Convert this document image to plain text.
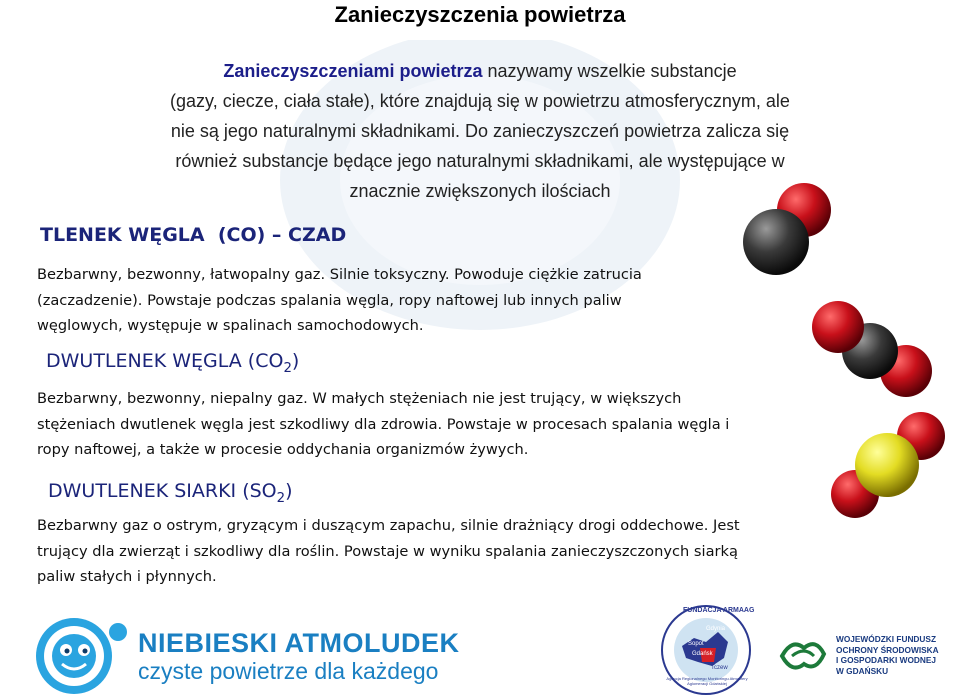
Zanieczyszczenia powietrza
Zanieczyszczeniami powietrza nazywamy wszelkie substancje
(gazy, ciecze, ciała stałe), które znajdują się w powietrzu atmosferycznym, ale
nie są jego naturalnymi składnikami. Do zanieczyszczeń powietrza zalicza się
również substancje będące jego naturalnymi składnikami, ale występujące w
znacznie zwiększonych ilościach
TLENEK WĘGLA  (CO) – CZAD
Bezbarwny, bezwonny, łatwopalny gaz. Silnie toksyczny. Powoduje ciężkie zatrucia
(zaczadzenie). Powstaje podczas spalania węgla, ropy naftowej lub innych paliw
węglowych, występuje w spalinach samochodowych.
DWUTLENEK WĘGLA $(CO_2)$
Bezbarwny, bezwonny, niepalny gaz. W małych stężeniach nie jest trujący, w większych
stężeniach dwutlenek węgla jest szkodliwy dla zdrowia. Powstaje w procesach spalania węgla i
ropy naftowej, a także w procesie oddychania organizmów żywych.
DWUTLENEK SIARKI $(SO_2)$
Bezbarwny gaz o ostrym, gryzącym i duszącym zapachu, silnie drażniący drogi oddechowe. Jest
trujący dla zwierząt i szkodliwy dla roślin. Powstaje w wyniku spalania zanieczyszczonych siarką
paliw stałych i płynnych.
NIEBIESKI ATMOLUDEK
czyste powietrze dla każdego
FUNDACJA ARMAAG
Agencja Regionalnego Monitoringu Atmosfery Aglomeracji Gdańskiej
Gdynia
Sopot
Gdańsk
Tczew
WOJEWÓDZKI FUNDUSZ
OCHRONY ŚRODOWISKA
I GOSPODARKI WODNEJ
W GDAŃSKU
